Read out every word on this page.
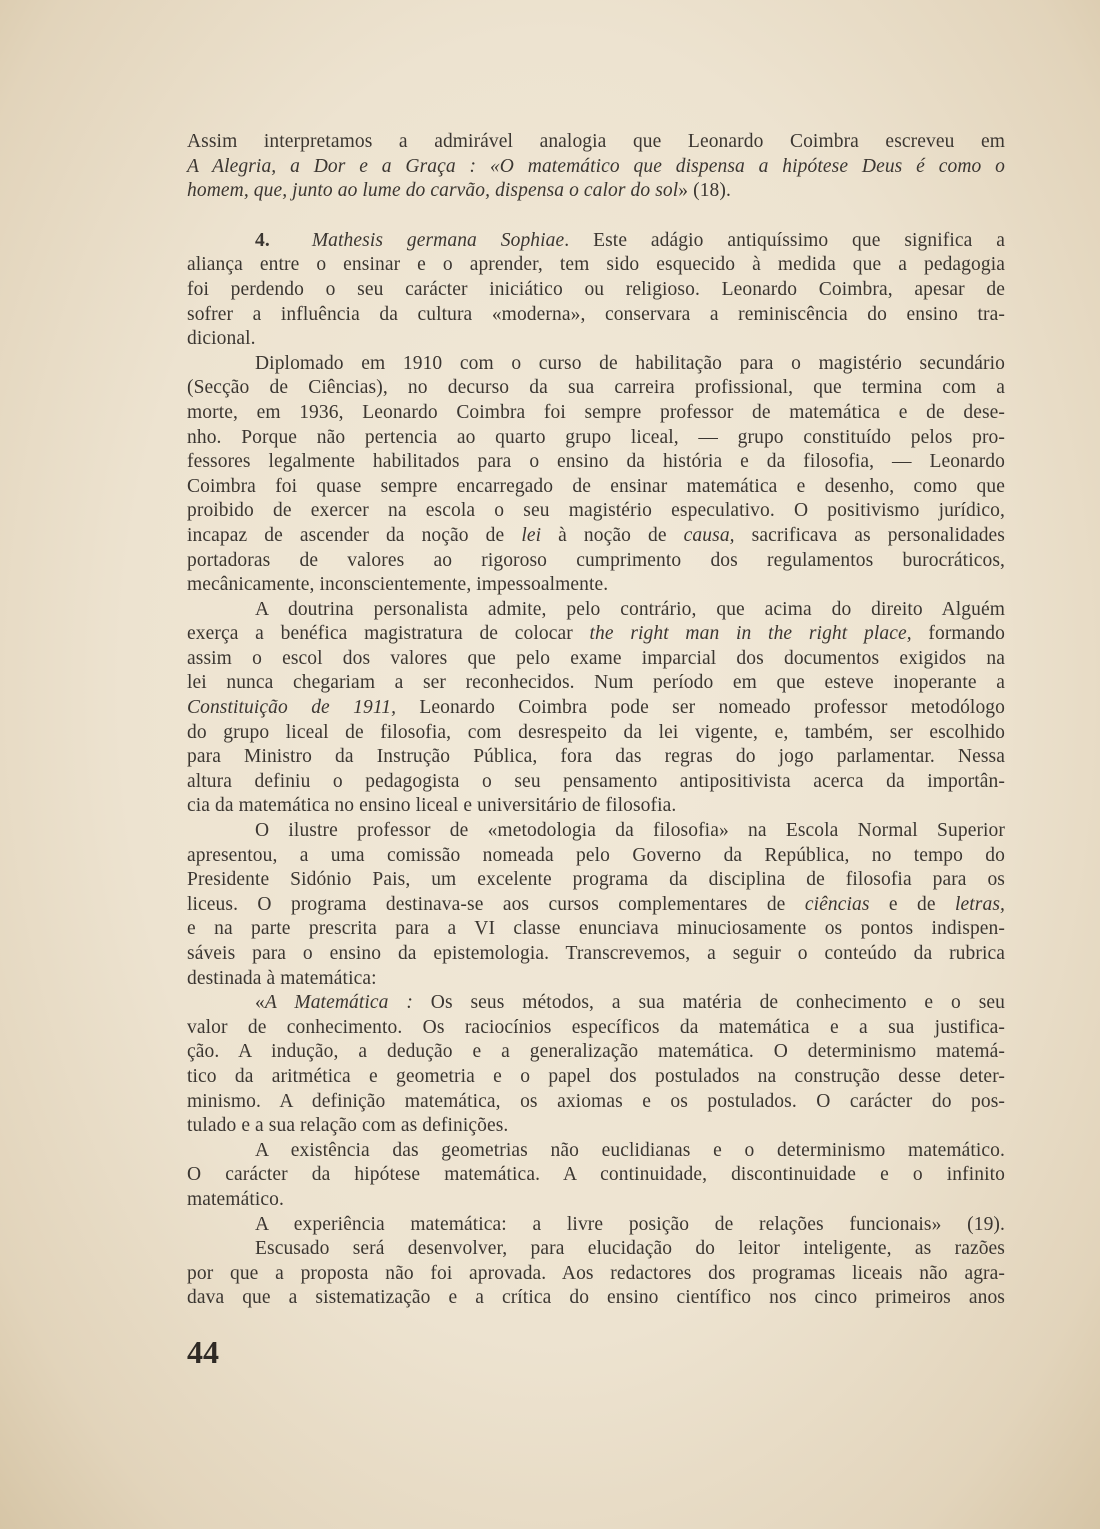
Assim interpretamos a admirável analogia que Leonardo Coimbra escreveu em
A Alegria, a Dor e a Graça : «O matemático que dispensa a hipótese Deus é como o
homem, que, junto ao lume do carvão, dispensa o calor do sol» (18).
4. Mathesis germana Sophiae. Este adágio antiquíssimo que significa a
aliança entre o ensinar e o aprender, tem sido esquecido à medida que a pedagogia
foi perdendo o seu carácter iniciático ou religioso. Leonardo Coimbra, apesar de
sofrer a influência da cultura «moderna», conservara a reminiscência do ensino tra-
dicional.
Diplomado em 1910 com o curso de habilitação para o magistério secundário
(Secção de Ciências), no decurso da sua carreira profissional, que termina com a
morte, em 1936, Leonardo Coimbra foi sempre professor de matemática e de dese-
nho. Porque não pertencia ao quarto grupo liceal, — grupo constituído pelos pro-
fessores legalmente habilitados para o ensino da história e da filosofia, — Leonardo
Coimbra foi quase sempre encarregado de ensinar matemática e desenho, como que
proibido de exercer na escola o seu magistério especulativo. O positivismo jurídico,
incapaz de ascender da noção de lei à noção de causa, sacrificava as personalidades
portadoras de valores ao rigoroso cumprimento dos regulamentos burocráticos,
mecânicamente, inconscientemente, impessoalmente.
A doutrina personalista admite, pelo contrário, que acima do direito Alguém
exerça a benéfica magistratura de colocar the right man in the right place, formando
assim o escol dos valores que pelo exame imparcial dos documentos exigidos na
lei nunca chegariam a ser reconhecidos. Num período em que esteve inoperante a
Constituição de 1911, Leonardo Coimbra pode ser nomeado professor metodólogo
do grupo liceal de filosofia, com desrespeito da lei vigente, e, também, ser escolhido
para Ministro da Instrução Pública, fora das regras do jogo parlamentar. Nessa
altura definiu o pedagogista o seu pensamento antipositivista acerca da importân-
cia da matemática no ensino liceal e universitário de filosofia.
O ilustre professor de «metodologia da filosofia» na Escola Normal Superior
apresentou, a uma comissão nomeada pelo Governo da República, no tempo do
Presidente Sidónio Pais, um excelente programa da disciplina de filosofia para os
liceus. O programa destinava-se aos cursos complementares de ciências e de letras,
e na parte prescrita para a VI classe enunciava minuciosamente os pontos indispen-
sáveis para o ensino da epistemologia. Transcrevemos, a seguir o conteúdo da rubrica
destinada à matemática:
«A Matemática : Os seus métodos, a sua matéria de conhecimento e o seu
valor de conhecimento. Os raciocínios específicos da matemática e a sua justifica-
ção. A indução, a dedução e a generalização matemática. O determinismo matemá-
tico da aritmética e geometria e o papel dos postulados na construção desse deter-
minismo. A definição matemática, os axiomas e os postulados. O carácter do pos-
tulado e a sua relação com as definições.
A existência das geometrias não euclidianas e o determinismo matemático.
O carácter da hipótese matemática. A continuidade, discontinuidade e o infinito
matemático.
A experiência matemática: a livre posição de relações funcionais» (19).
Escusado será desenvolver, para elucidação do leitor inteligente, as razões
por que a proposta não foi aprovada. Aos redactores dos programas liceais não agra-
dava que a sistematização e a crítica do ensino científico nos cinco primeiros anos
44
